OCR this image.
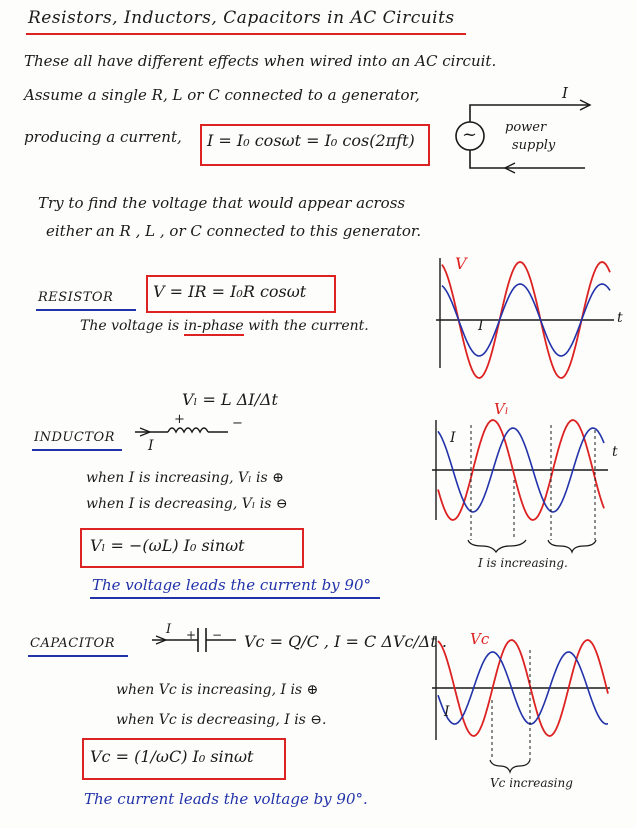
Resistors, Inductors, Capacitors in AC Circuits
These all have different effects when wired into an AC circuit.
Assume a single R, L or C connected to a generator,
producing a current, I = I₀ cosωt = I₀ cos(2πft)	~
I
power
supply
Try to find the voltage that would appear across
either an R , L , or C connected to this generator.
RESISTOR V = IR = I₀R cosωt
The voltage is in-phase with the current.
V
I	t
Vₗ = L ΔI/Δt
INDUCTOR
+	−
I
when I is increasing, Vₗ is ⊕
when I is decreasing, Vₗ is ⊖
Vₗ = −(ωL) I₀ sinωt
The voltage leads the current by 90°
Vₗ
I
t
I is increasing.
CAPACITOR
I + − Vc = Q/C , I = C ΔVc/Δt .
when Vc is increasing, I is ⊕
when Vc is decreasing, I is ⊖.
Vc = (1/ωC) I₀ sinωt
The current leads the voltage by 90°.
Vc
I
Vc increasing
